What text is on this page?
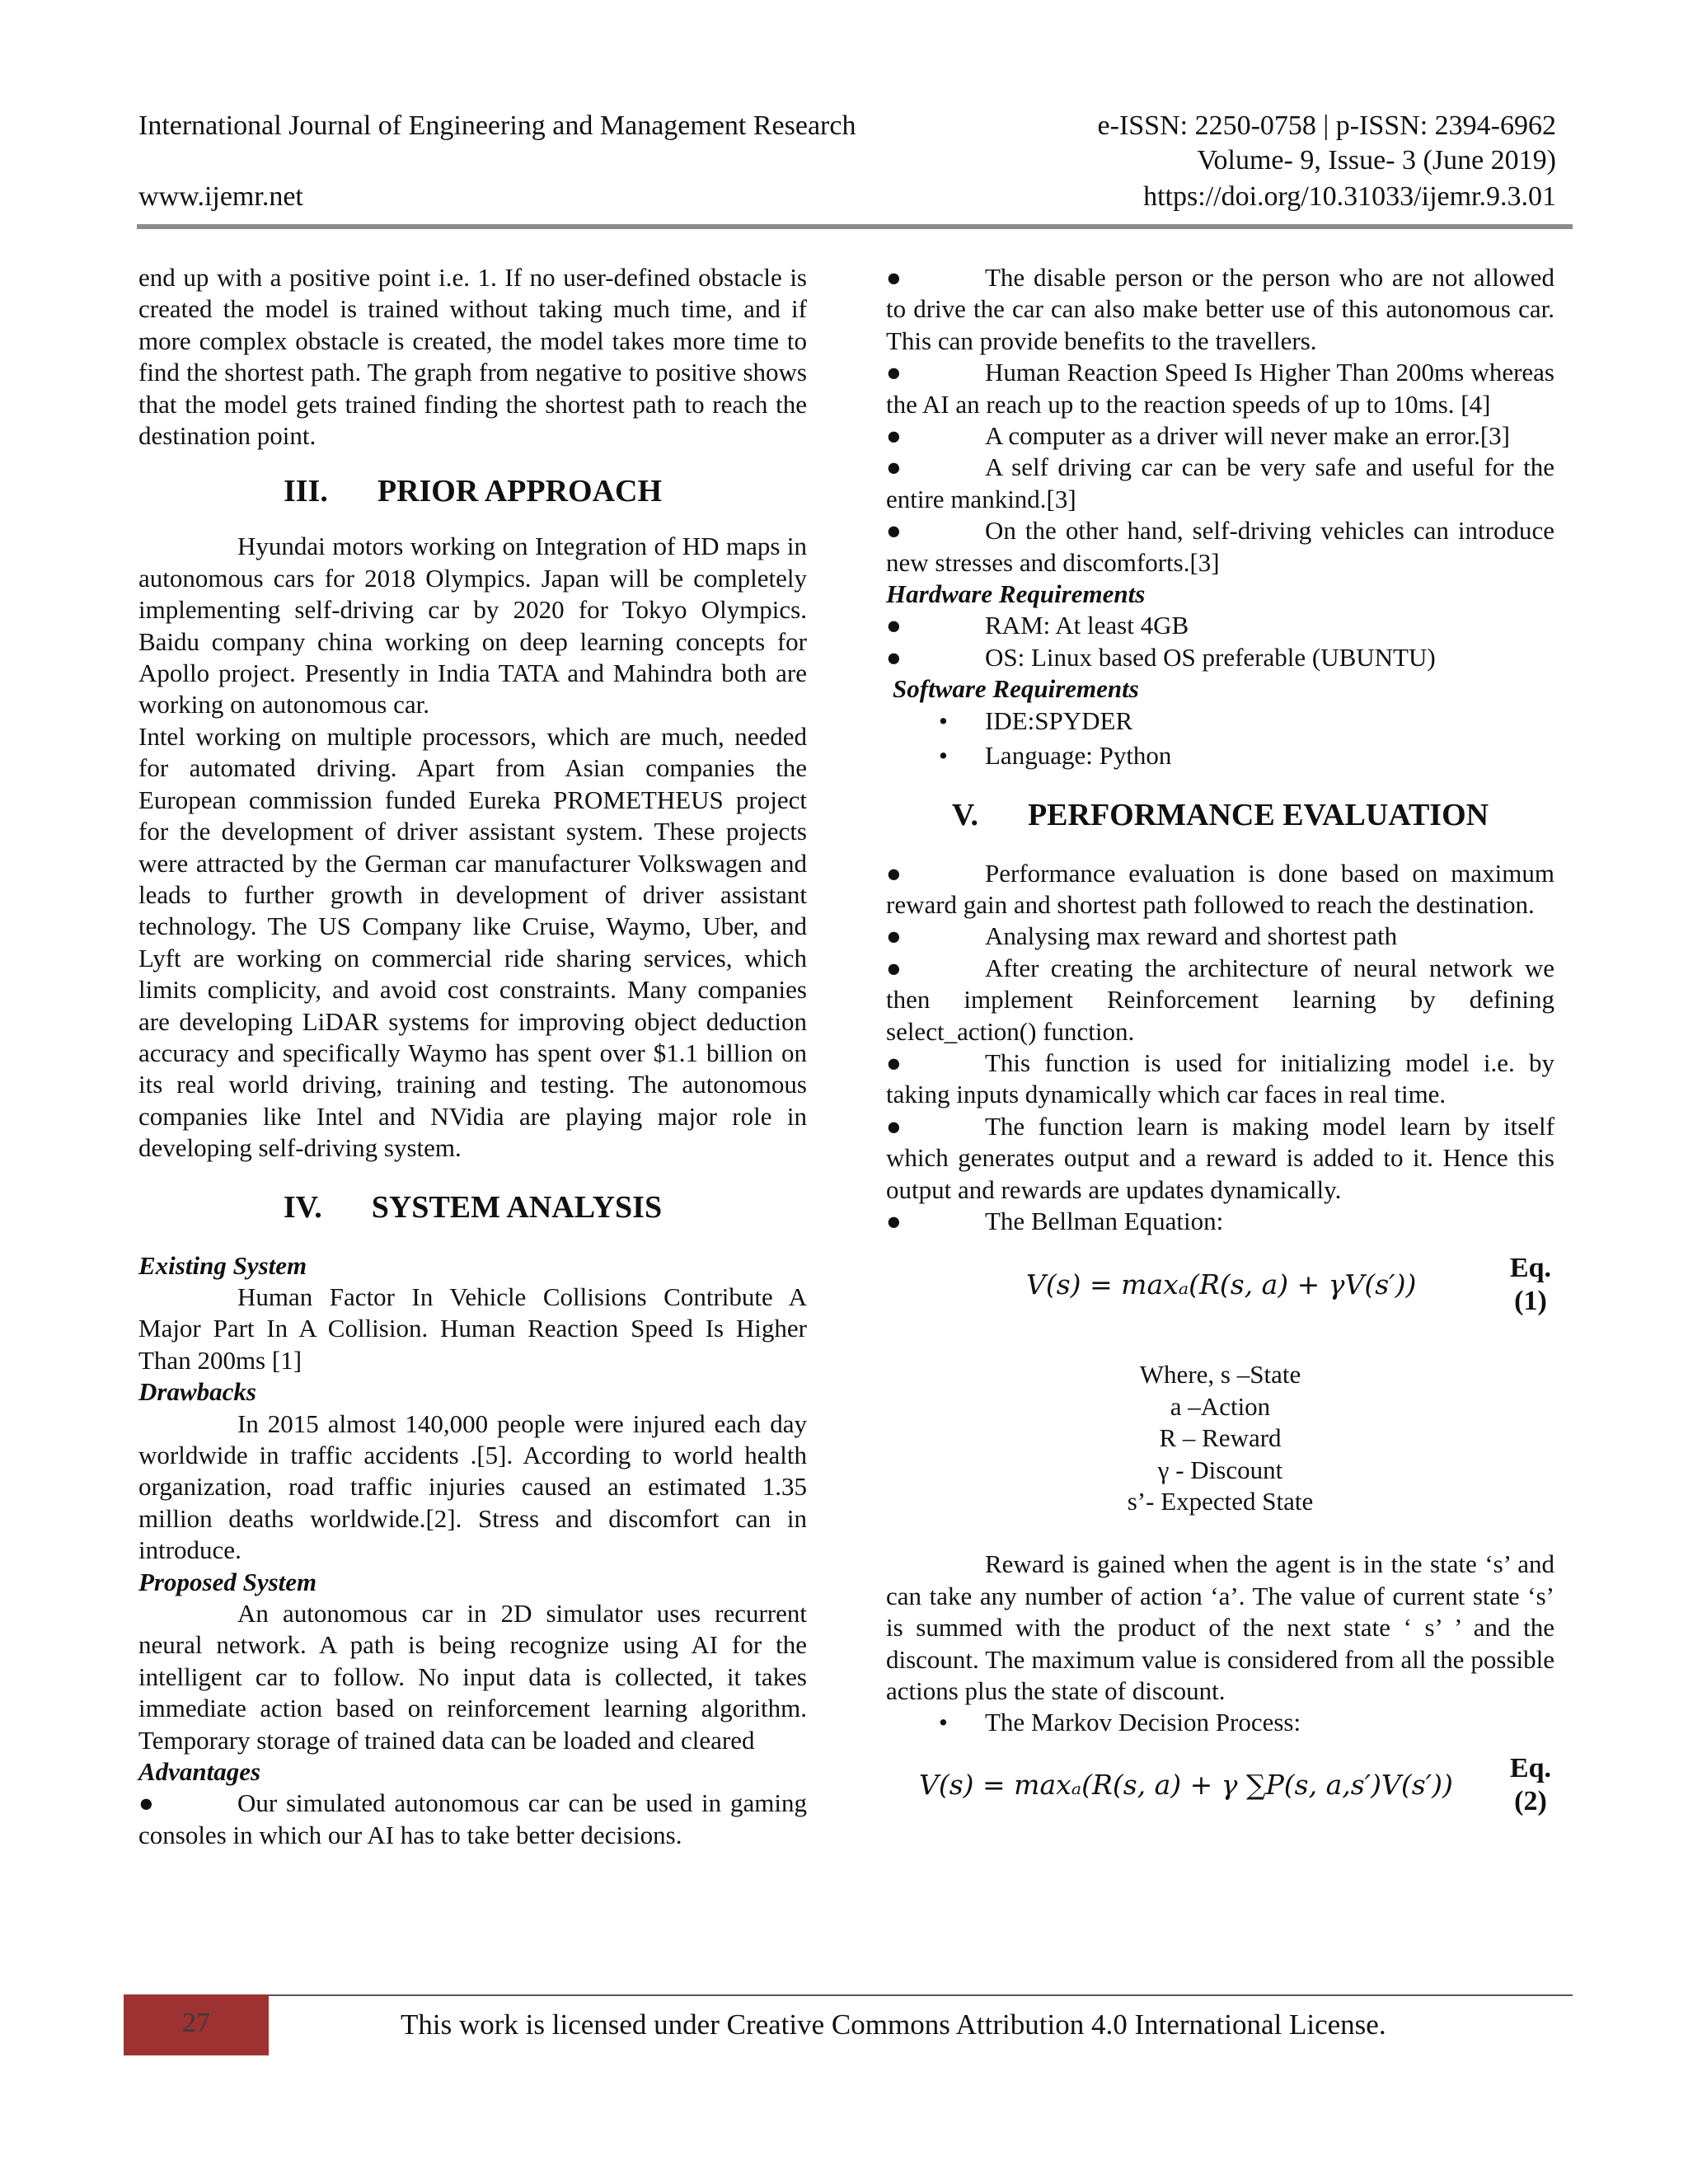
International Journal of Engineering and Management Research	e-ISSN: 2250-0758 | p-ISSN: 2394-6962
Volume- 9, Issue- 3 (June 2019)
www.ijemr.net	https://doi.org/10.31033/ijemr.9.3.01

end up with a positive point i.e. 1. If no user-defined obstacle is created the model is trained without taking much time, and if more complex obstacle is created, the model takes more time to find the shortest path. The graph from negative to positive shows that the model gets trained finding the shortest path to reach the destination point.

III. PRIOR APPROACH

Hyundai motors working on Integration of HD maps in autonomous cars for 2018 Olympics. Japan will be completely implementing self-driving car by 2020 for Tokyo Olympics. Baidu company china working on deep learning concepts for Apollo project. Presently in India TATA and Mahindra both are working on autonomous car.

Intel working on multiple processors, which are much, needed for automated driving. Apart from Asian companies the European commission funded Eureka PROMETHEUS project for the development of driver assistant system. These projects were attracted by the German car manufacturer Volkswagen and leads to further growth in development of driver assistant technology. The US Company like Cruise, Waymo, Uber, and Lyft are working on commercial ride sharing services, which limits complicity, and avoid cost constraints. Many companies are developing LiDAR systems for improving object deduction accuracy and specifically Waymo has spent over $1.1 billion on its real world driving, training and testing. The autonomous companies like Intel and NVidia are playing major role in developing self-driving system.

IV. SYSTEM ANALYSIS

Existing System

Human Factor In Vehicle Collisions Contribute A Major Part In A Collision. Human Reaction Speed Is Higher Than 200ms [1]

Drawbacks

In 2015 almost 140,000 people were injured each day worldwide in traffic accidents .[5]. According to world health organization, road traffic injuries caused an estimated 1.35 million deaths worldwide.[2]. Stress and discomfort can in introduce.

Proposed System

An autonomous car in 2D simulator uses recurrent neural network. A path is being recognize using AI for the intelligent car to follow. No input data is collected, it takes immediate action based on reinforcement learning algorithm. Temporary storage of trained data can be loaded and cleared

Advantages

●	Our simulated autonomous car can be used in gaming consoles in which our AI has to take better decisions.

●	The disable person or the person who are not allowed to drive the car can also make better use of this autonomous car. This can provide benefits to the travellers.

●	Human Reaction Speed Is Higher Than 200ms whereas the AI an reach up to the reaction speeds of up to 10ms. [4]

●	A computer as a driver will never make an error.[3]

●	A self driving car can be very safe and useful for the entire mankind.[3]

●	On the other hand, self-driving vehicles can introduce new stresses and discomforts.[3]

Hardware Requirements

●	RAM: At least 4GB

●	OS: Linux based OS preferable (UBUNTU)

Software Requirements

•	IDE:SPYDER
•	Language: Python
V. PERFORMANCE EVALUATION

●	Performance evaluation is done based on maximum reward gain and shortest path followed to reach the destination.

●	Analysing max reward and shortest path

●	After creating the architecture of neural network we then implement Reinforcement learning by defining select_action() function.

●	This function is used for initializing model i.e. by taking inputs dynamically which car faces in real time.

●	The function learn is making model learn by itself which generates output and a reward is added to it. Hence this output and rewards are updates dynamically.

●	The Bellman Equation:

V(s) = maxₐ(R(s, a) + γV(s′))
Eq.
(1)
Where, s –State
a –Action
R – Reward
γ - Discount
s’- Expected State

Reward is gained when the agent is in the state ‘s’ and can take any number of action ‘a’. The value of current state ‘s’ is summed with the product of the next state ‘ s’ ’ and the discount. The maximum value is considered from all the possible actions plus the state of discount.

•	The Markov Decision Process:
V(s) = maxₐ(R(s, a) + γ ∑P(s, a,s′)V(s′))
Eq.
(2)
27	This work is licensed under Creative Commons Attribution 4.0 International License.
